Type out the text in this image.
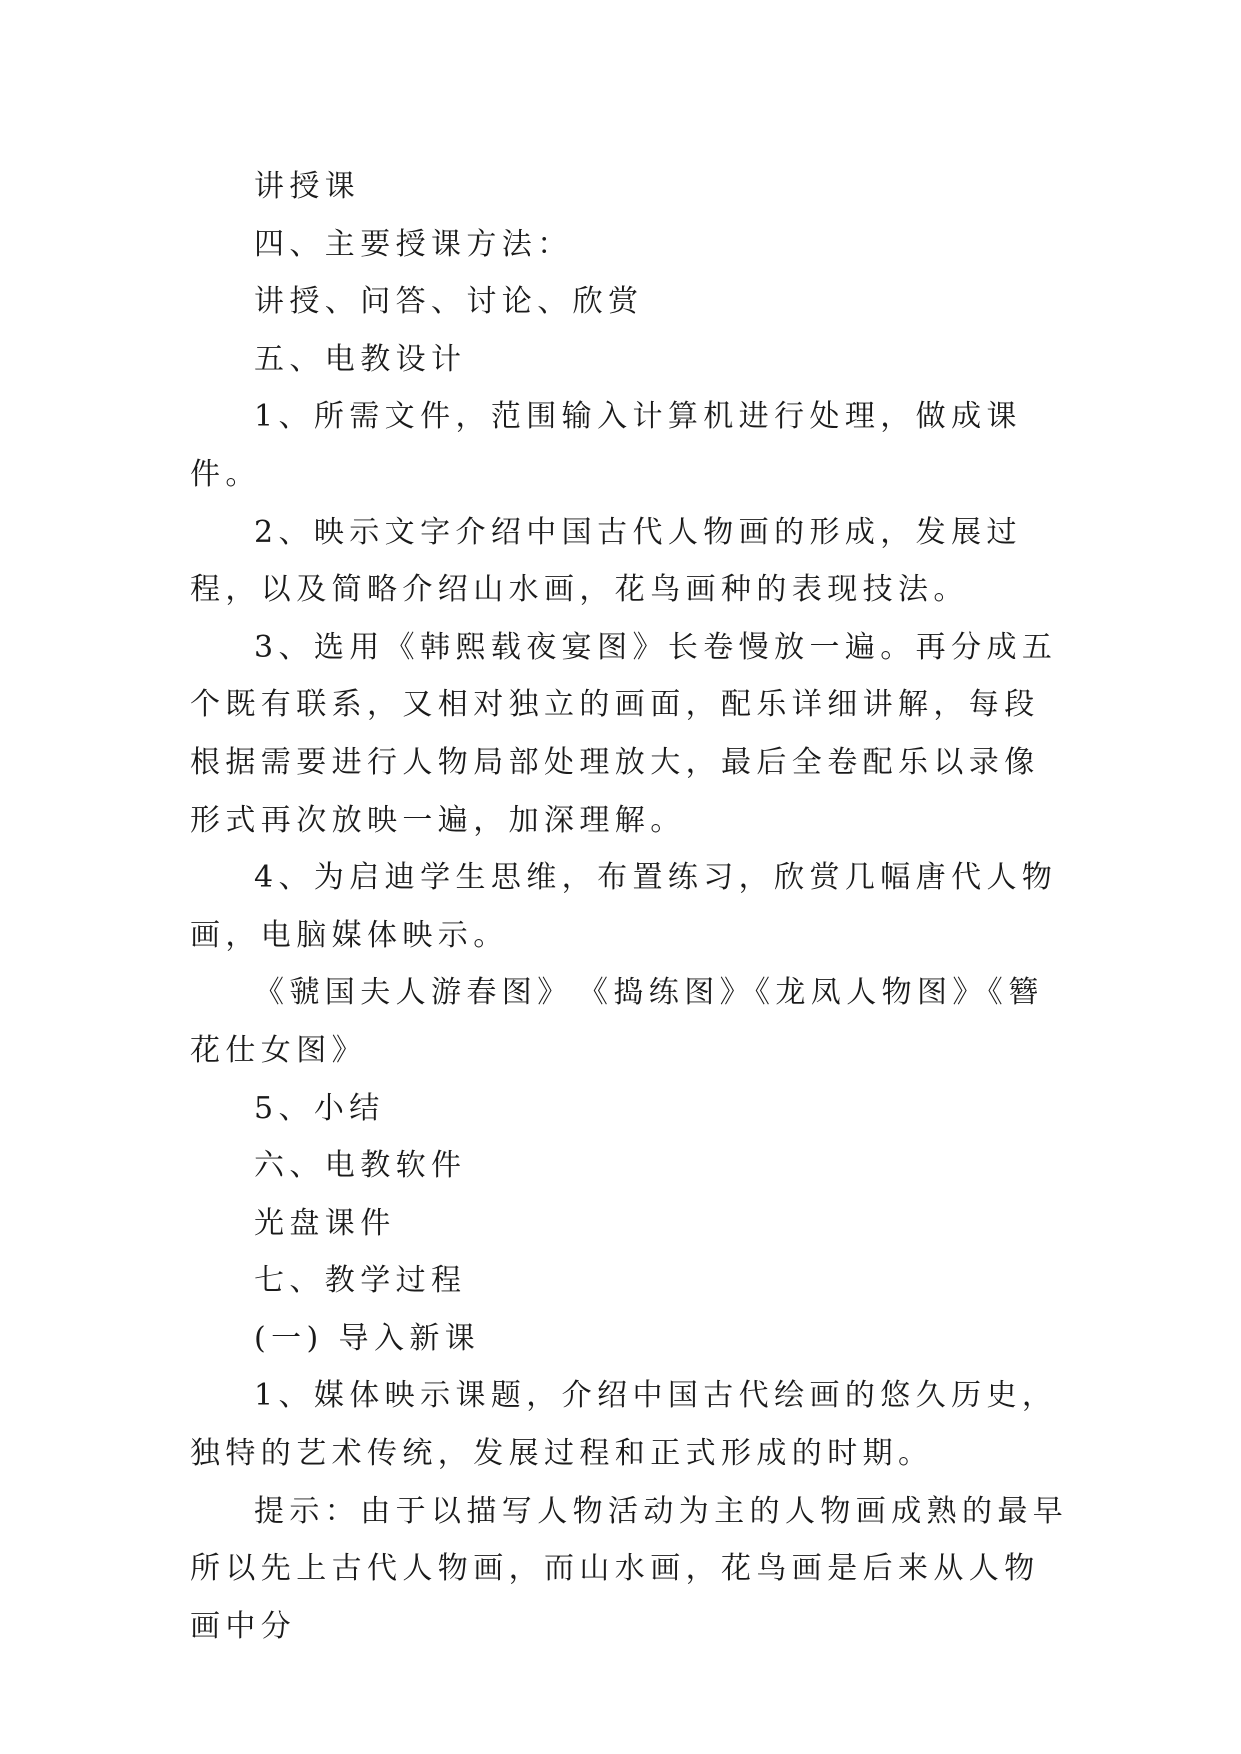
讲授课

四、主要授课方法：

讲授、问答、讨论、欣赏

五、电教设计

1、所需文件，范围输入计算机进行处理，做成课件。

2、映示文字介绍中国古代人物画的形成，发展过程，以及简略介绍山水画，花鸟画种的表现技法。

3、选用《韩熙载夜宴图》长卷慢放一遍。再分成五个既有联系，又相对独立的画面，配乐详细讲解，每段根据需要进行人物局部处理放大，最后全卷配乐以录像形式再次放映一遍，加深理解。

4、为启迪学生思维，布置练习，欣赏几幅唐代人物画，电脑媒体映示。

《虢国夫人游春图》　《捣练图》《龙凤人物图》《簪花仕女图》

5、小结

六、电教软件

光盘课件

七、教学过程

(一) 导入新课

1、媒体映示课题，介绍中国古代绘画的悠久历史，独特的艺术传统，发展过程和正式形成的时期。

提示：由于以描写人物活动为主的人物画成熟的最早所以先上古代人物画，而山水画，花鸟画是后来从人物画中分
